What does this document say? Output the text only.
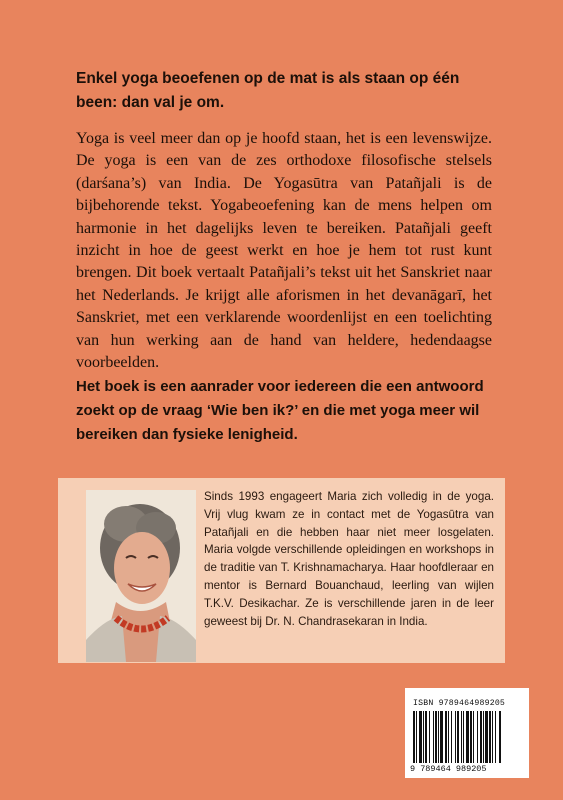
Enkel yoga beoefenen op de mat is als staan op één been: dan val je om.

Yoga is veel meer dan op je hoofd staan, het is een levenswijze. De yoga is een van de zes orthodoxe filosofische stelsels (darśana’s) van India. De Yogasūtra van Patañjali is de bijbehorende tekst. Yogabeoefening kan de mens helpen om harmonie in het dagelijks leven te bereiken. Patañjali geeft inzicht in hoe de geest werkt en hoe je hem tot rust kunt brengen. Dit boek vertaalt Patañjali’s tekst uit het Sanskriet naar het Nederlands. Je krijgt alle aforismen in het devanāgarī, het Sanskriet, met een verklarende woordenlijst en een toelichting van hun werking aan de hand van heldere, hedendaagse voorbeelden.

Het boek is een aanrader voor iedereen die een antwoord zoekt op de vraag ‘Wie ben ik?’ en die met yoga meer wil bereiken dan fysieke lenigheid.

Sinds 1993 engageert Maria zich volledig in de yoga. Vrij vlug kwam ze in contact met de Yogasūtra van Patañjali en die hebben haar niet meer losgelaten. Maria volgde verschillende opleidingen en workshops in de traditie van T. Krishnamacharya. Haar hoofdleraar en mentor is Bernard Bouanchaud, leerling van wijlen T.K.V. Desikachar. Ze is verschillende jaren in de leer geweest bij Dr. N. Chandrasekaran in India.

ISBN 9789464989205
9 789464 989205
